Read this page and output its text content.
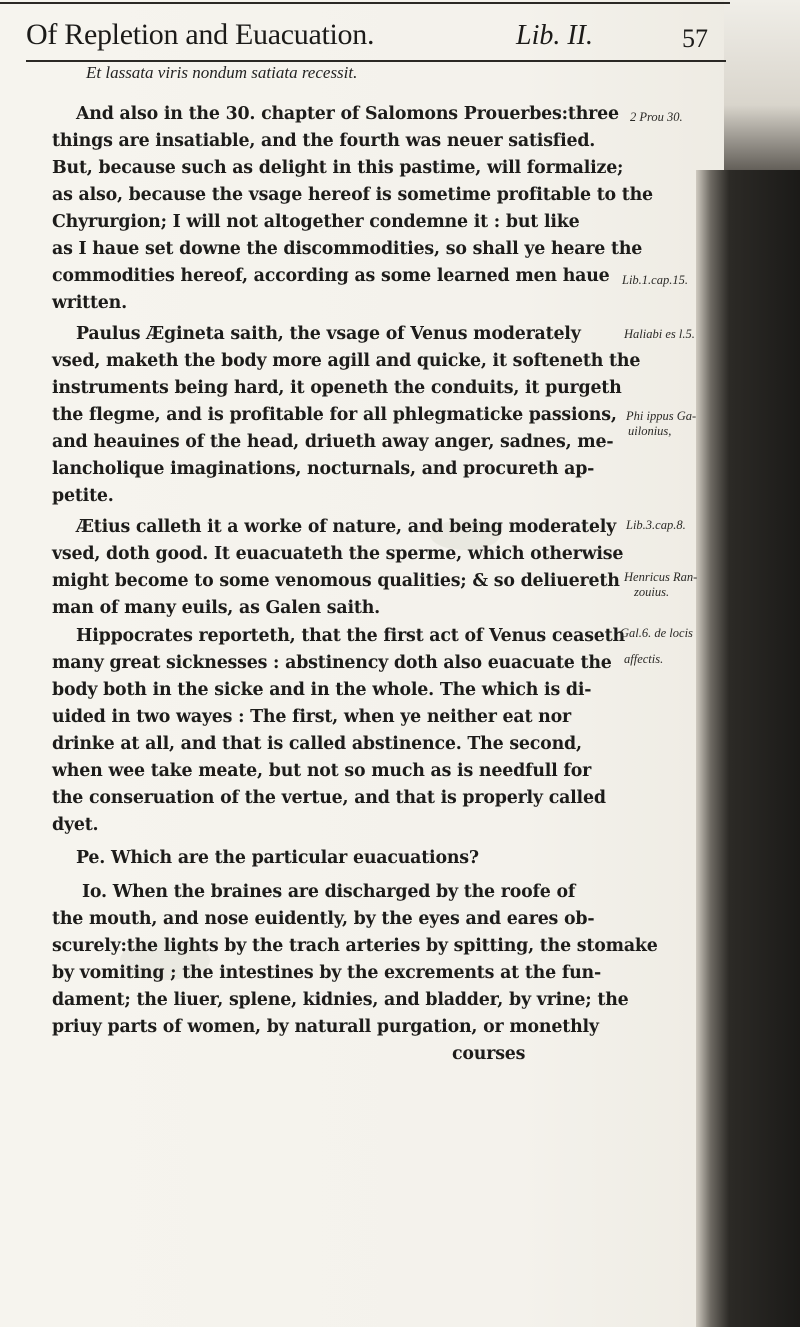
Of Repletion and Euacuation.	Lib. II.	57
Et lassata viris nondum satiata recessit.
And also in the 30. chapter of Salomons Prouerbes:three
things are insatiable, and the fourth was neuer satisfied.
But, because such as delight in this pastime, will formalize;
as also, because the vsage hereof is sometime profitable to the
Chyrurgion; I will not altogether condemne it : but like
as I haue set downe the discommodities, so shall ye heare the
commodities hereof, according as some learned men haue
written.
Paulus Ægineta saith, the vsage of Venus moderately
vsed, maketh the body more agill and quicke, it softeneth the
instruments being hard, it openeth the conduits, it purgeth
the flegme, and is profitable for all phlegmaticke passions,
and heauines of the head, driueth away anger, sadnes, me-
lancholique imaginations, nocturnals, and procureth ap-
petite.
Ætius calleth it a worke of nature, and being moderately
vsed, doth good. It euacuateth the sperme, which otherwise
might become to some venomous qualities; & so deliuereth
man of many euils, as Galen saith.
Hippocrates reporteth, that the first act of Venus ceaseth
many great sicknesses : abstinency doth also euacuate the
body both in the sicke and in the whole. The which is di-
uided in two wayes : The first, when ye neither eat nor
drinke at all, and that is called abstinence. The second,
when wee take meate, but not so much as is needfull for
the conseruation of the vertue, and that is properly called
dyet.
Pe. Which are the particular euacuations?
Io. When the braines are discharged by the roofe of
the mouth, and nose euidently, by the eyes and eares ob-
scurely:the lights by the trach arteries by spitting, the stomake
by vomiting ; the intestines by the excrements at the fun-
dament; the liuer, splene, kidnies, and bladder, by vrine; the
priuy parts of women, by naturall purgation, or monethly
courses
2 Prou 30.
Lib.1.cap.15.
Haliabi es l.5.
Phi ippus Ga-
uilonius,
Lib.3.cap.8.
Henricus Ran-
zouius.
Gal.6. de locis
affectis.
